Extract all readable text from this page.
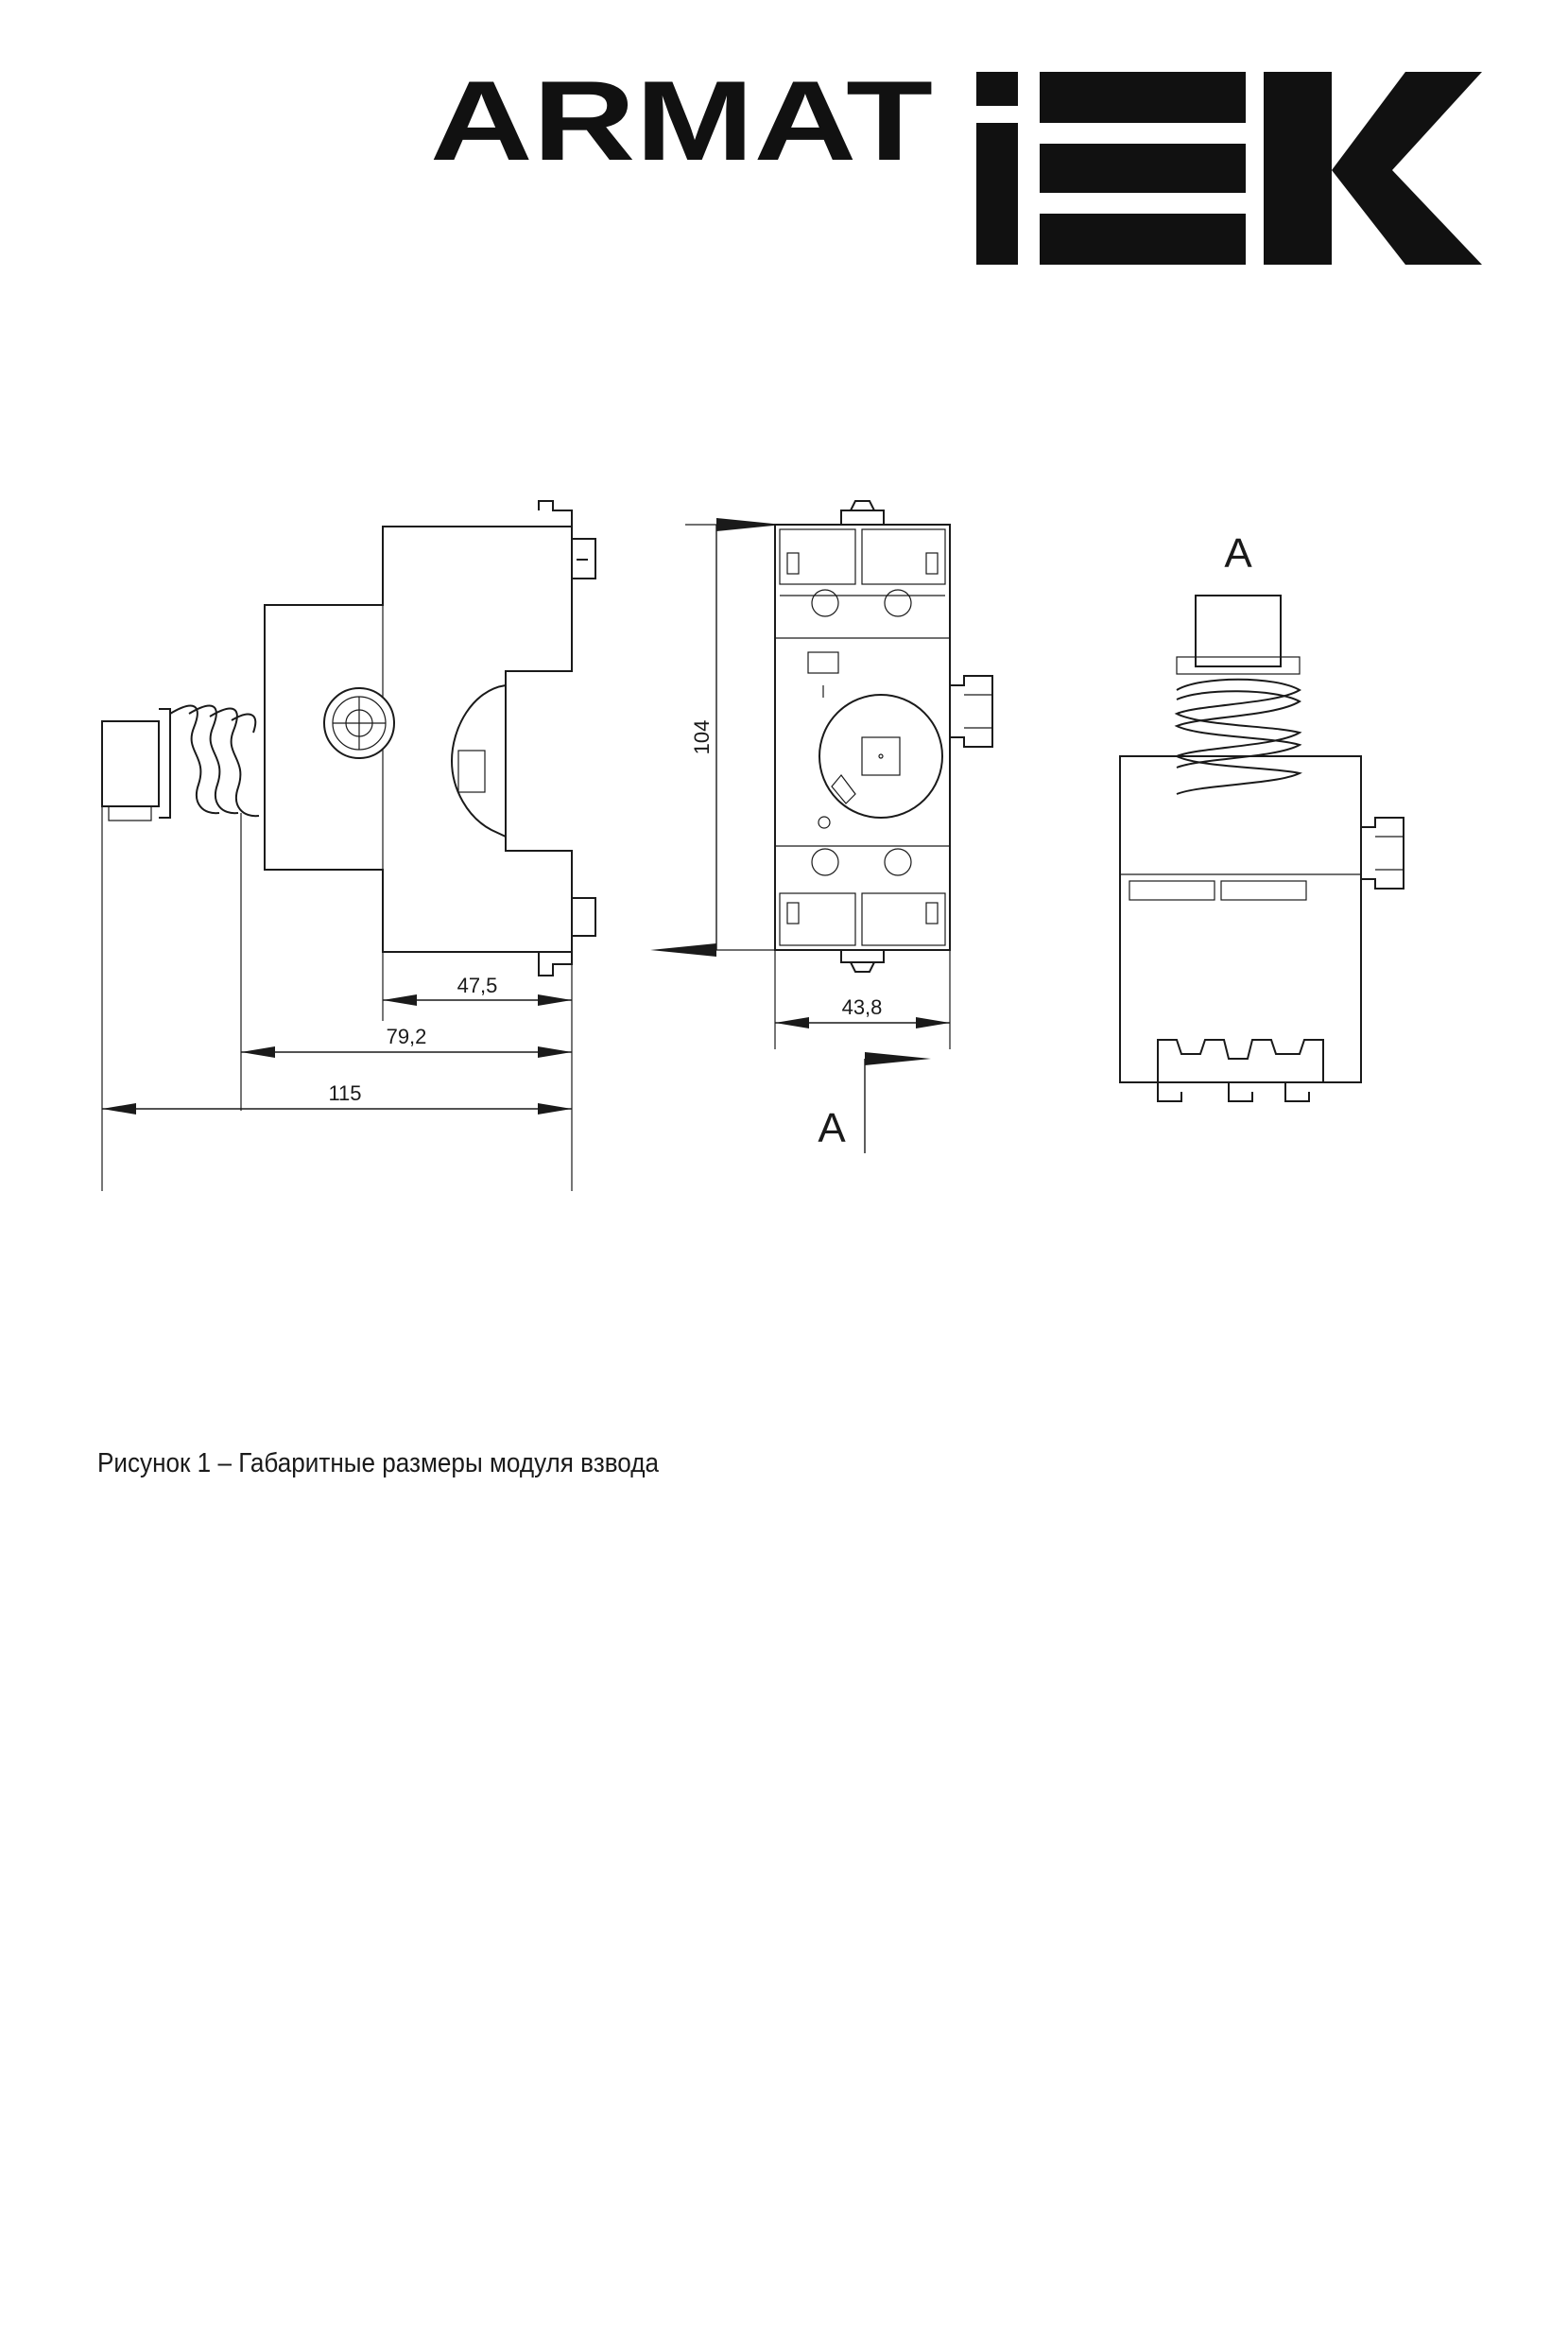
ARMAT
47,5
79,2
115
104
43,8
A
A
Рисунок 1 – Габаритные размеры модуля взвода
